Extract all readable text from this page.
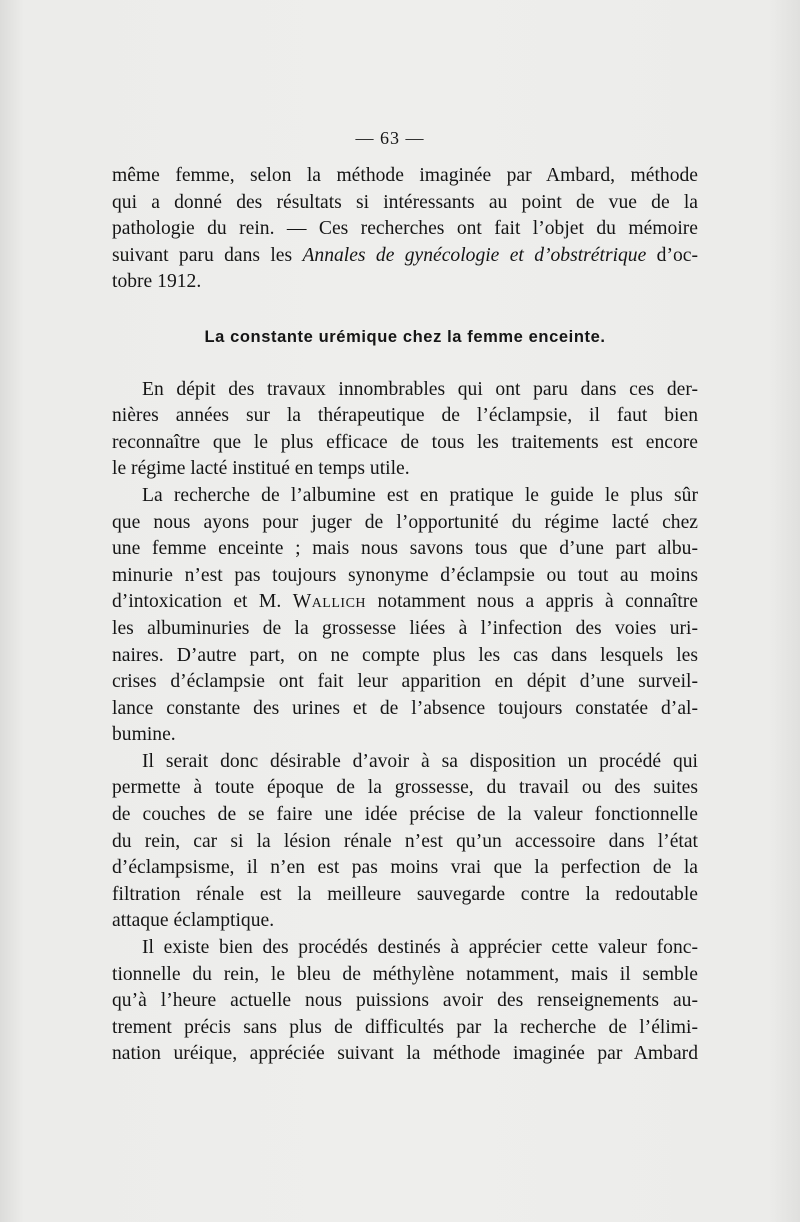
— 63 —
même femme, selon la méthode imaginée par Ambard, méthode
qui a donné des résultats si intéressants au point de vue de la
pathologie du rein. — Ces recherches ont fait l’objet du mémoire
suivant paru dans les Annales de gynécologie et d’obstrétrique d’oc-
tobre 1912.
La constante urémique chez la femme enceinte.
En dépit des travaux innombrables qui ont paru dans ces der-
nières années sur la thérapeutique de l’éclampsie, il faut bien
reconnaître que le plus efficace de tous les traitements est encore
le régime lacté institué en temps utile.
La recherche de l’albumine est en pratique le guide le plus sûr
que nous ayons pour juger de l’opportunité du régime lacté chez
une femme enceinte ; mais nous savons tous que d’une part albu-
minurie n’est pas toujours synonyme d’éclampsie ou tout au moins
d’intoxication et M. Wallich notamment nous a appris à connaître
les albuminuries de la grossesse liées à l’infection des voies uri-
naires. D’autre part, on ne compte plus les cas dans lesquels les
crises d’éclampsie ont fait leur apparition en dépit d’une surveil-
lance constante des urines et de l’absence toujours constatée d’al-
bumine.
Il serait donc désirable d’avoir à sa disposition un procédé qui
permette à toute époque de la grossesse, du travail ou des suites
de couches de se faire une idée précise de la valeur fonctionnelle
du rein, car si la lésion rénale n’est qu’un accessoire dans l’état
d’éclampsisme, il n’en est pas moins vrai que la perfection de la
filtration rénale est la meilleure sauvegarde contre la redoutable
attaque éclamptique.
Il existe bien des procédés destinés à apprécier cette valeur fonc-
tionnelle du rein, le bleu de méthylène notamment, mais il semble
qu’à l’heure actuelle nous puissions avoir des renseignements au-
trement précis sans plus de difficultés par la recherche de l’élimi-
nation uréique, appréciée suivant la méthode imaginée par Ambard
